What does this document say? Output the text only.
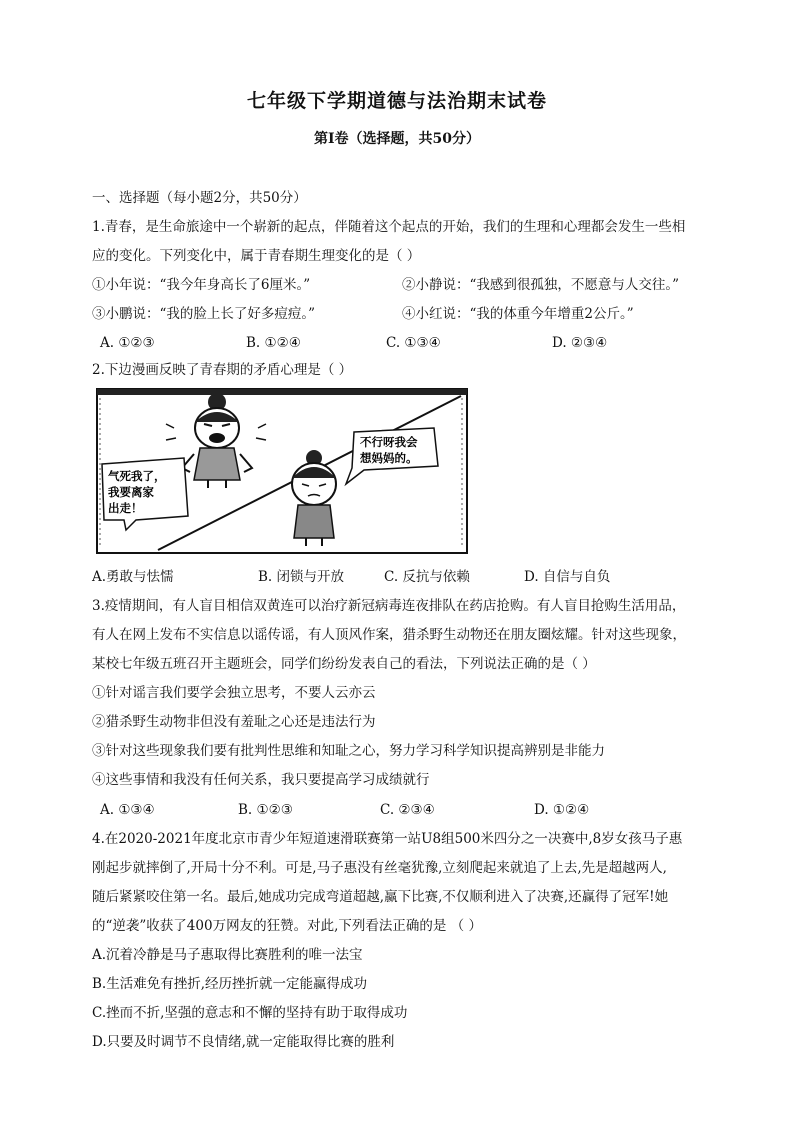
七年级下学期道德与法治期末试卷
第Ⅰ卷（选择题，共50分）
一、选择题（每小题2分，共50分）
1.青春，是生命旅途中一个崭新的起点，伴随着这个起点的开始，我们的生理和心理都会发生一些相
应的变化。下列变化中，属于青春期生理变化的是（ ）
①小年说：“我今年身高长了6厘米。”	②小静说：“我感到很孤独，不愿意与人交往。”
③小鹏说：“我的脸上长了好多痘痘。”	④小红说：“我的体重今年增重2公斤。”
A. ①②③	B. ①②④	C. ①③④	D. ②③④
2.下边漫画反映了青春期的矛盾心理是（ ）
气死我了，
我要离家
出走！
不行呀我会
想妈妈的。
A.勇敢与怯懦	B. 闭锁与开放	C. 反抗与依赖	D. 自信与自负
3.疫情期间，有人盲目相信双黄连可以治疗新冠病毒连夜排队在药店抢购。有人盲目抢购生活用品，
有人在网上发布不实信息以谣传谣，有人顶风作案，猎杀野生动物还在朋友圈炫耀。针对这些现象，
某校七年级五班召开主题班会，同学们纷纷发表自己的看法，下列说法正确的是（ ）
①针对谣言我们要学会独立思考，不要人云亦云
②猎杀野生动物非但没有羞耻之心还是违法行为
③针对这些现象我们要有批判性思维和知耻之心，努力学习科学知识提高辨别是非能力
④这些事情和我没有任何关系，我只要提高学习成绩就行
A. ①③④	B. ①②③	C. ②③④	D. ①②④
4.在2020-2021年度北京市青少年短道速滑联赛第一站U8组500米四分之一决赛中,8岁女孩马子惠
刚起步就摔倒了,开局十分不利。可是,马子惠没有丝毫犹豫,立刻爬起来就追了上去,先是超越两人,
随后紧紧咬住第一名。最后,她成功完成弯道超越,赢下比赛,不仅顺利进入了决赛,还赢得了冠军!她
的“逆袭”收获了400万网友的狂赞。对此,下列看法正确的是 （ ）
A.沉着冷静是马子惠取得比赛胜利的唯一法宝
B.生活难免有挫折,经历挫折就一定能赢得成功
C.挫而不折,坚强的意志和不懈的坚持有助于取得成功
D.只要及时调节不良情绪,就一定能取得比赛的胜利
